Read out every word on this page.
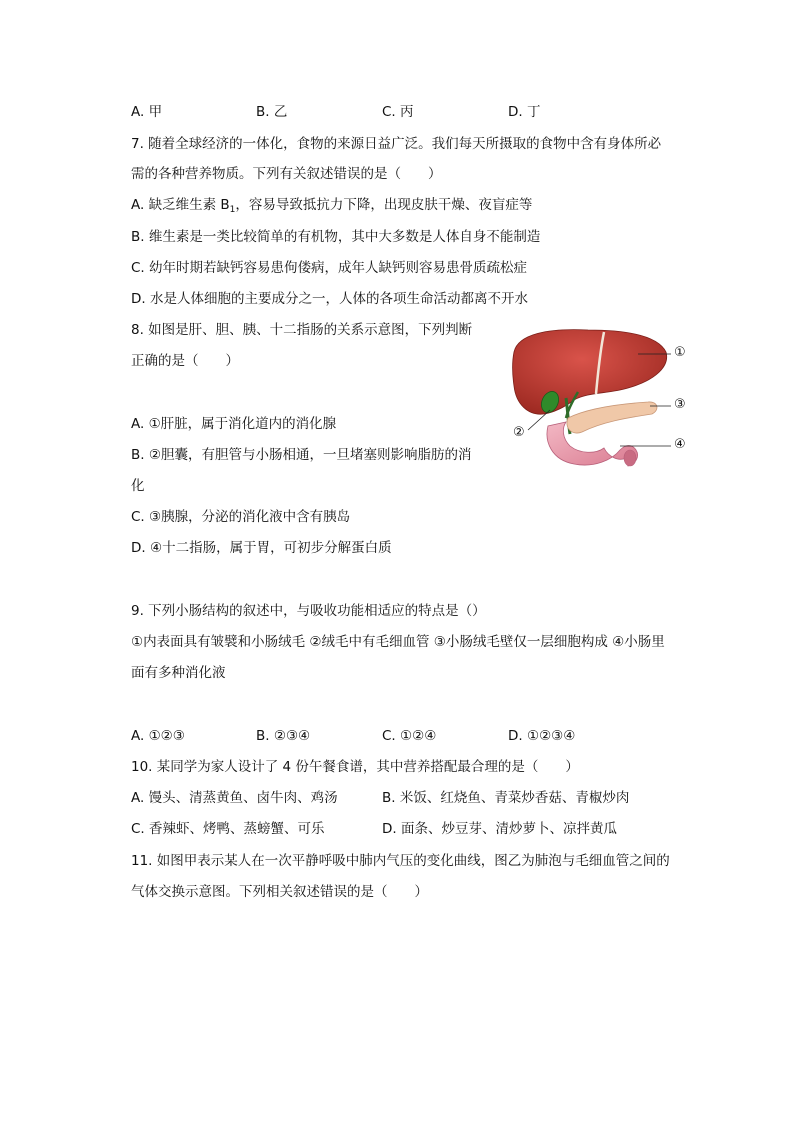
A. 甲	B. 乙	C. 丙	D. 丁
7. 随着全球经济的一体化，食物的来源日益广泛。我们每天所摄取的食物中含有身体所必
需的各种营养物质。下列有关叙述错误的是（　　）
A. 缺乏维生素 $B_1$，容易导致抵抗力下降，出现皮肤干燥、夜盲症等
B. 维生素是一类比较简单的有机物，其中大多数是人体自身不能制造
C. 幼年时期若缺钙容易患佝偻病，成年人缺钙则容易患骨质疏松症
D. 水是人体细胞的主要成分之一，人体的各项生命活动都离不开水
8. 如图是肝、胆、胰、十二指肠的关系示意图，下列判断
正确的是（　　）
A. ①肝脏，属于消化道内的消化腺
B. ②胆囊，有胆管与小肠相通，一旦堵塞则影响脂肪的消
化
C. ③胰腺，分泌的消化液中含有胰岛
D. ④十二指肠，属于胃，可初步分解蛋白质
①
②
③
④
9. 下列小肠结构的叙述中，与吸收功能相适应的特点是（）
①内表面具有皱襞和小肠绒毛 ②绒毛中有毛细血管 ③小肠绒毛壁仅一层细胞构成 ④小肠里
面有多种消化液
A. ①②③	B. ②③④	C. ①②④	D. ①②③④
10. 某同学为家人设计了 4 份午餐食谱，其中营养搭配最合理的是（　　）
A. 馒头、清蒸黄鱼、卤牛肉、鸡汤	B. 米饭、红烧鱼、青菜炒香菇、青椒炒肉
C. 香辣虾、烤鸭、蒸螃蟹、可乐	D. 面条、炒豆芽、清炒萝卜、凉拌黄瓜
11. 如图甲表示某人在一次平静呼吸中肺内气压的变化曲线，图乙为肺泡与毛细血管之间的
气体交换示意图。下列相关叙述错误的是（　　）
